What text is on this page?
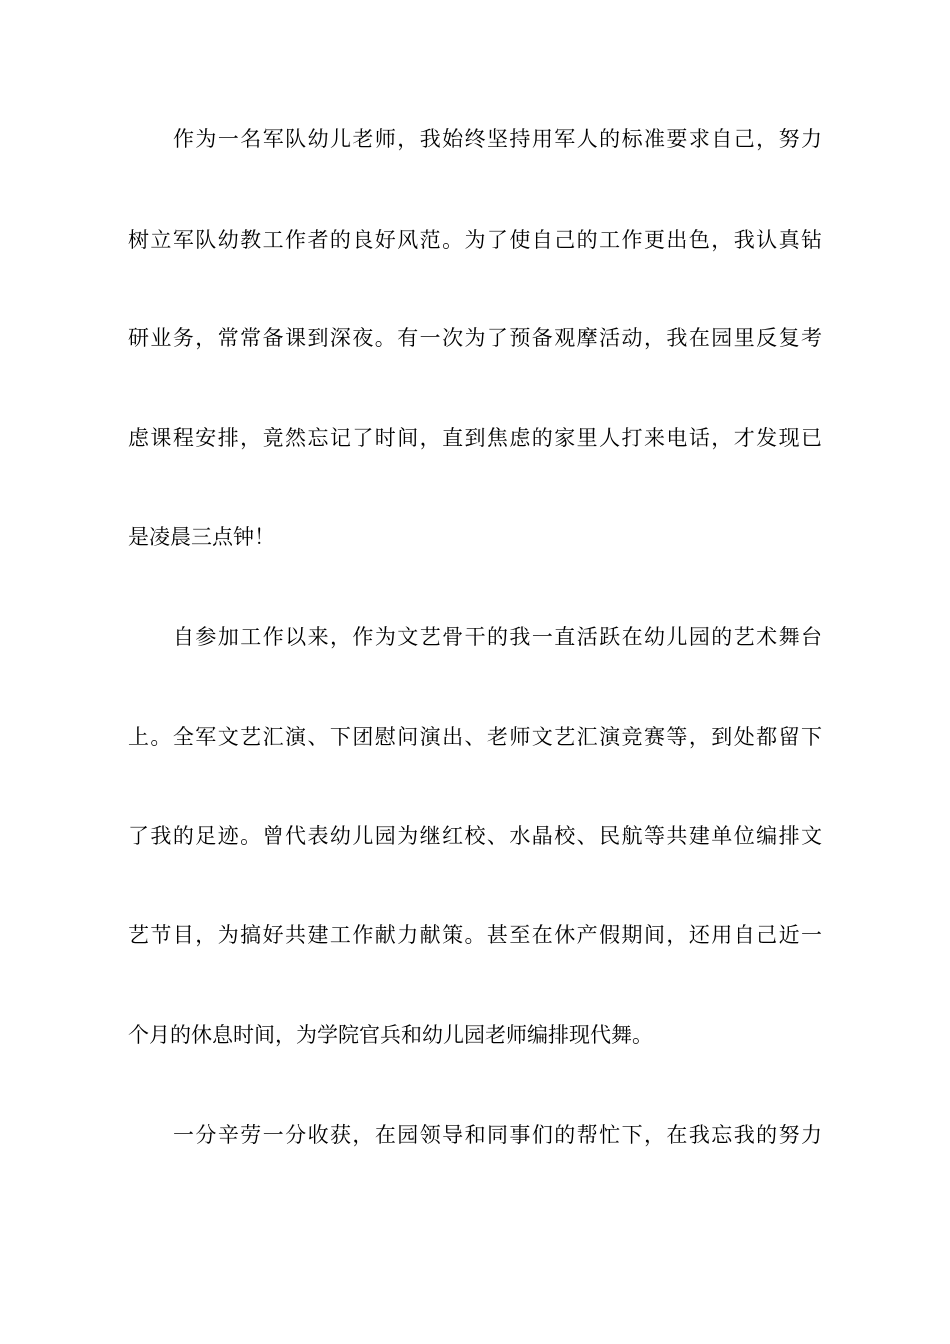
作为一名军队幼儿老师，我始终坚持用军人的标准要求自己，努力

树立军队幼教工作者的良好风范。为了使自己的工作更出色，我认真钻

研业务，常常备课到深夜。有一次为了预备观摩活动，我在园里反复考

虑课程安排，竟然忘记了时间，直到焦虑的家里人打来电话，才发现已

是凌晨三点钟！

自参加工作以来，作为文艺骨干的我一直活跃在幼儿园的艺术舞台

上。全军文艺汇演、下团慰问演出、老师文艺汇演竞赛等，到处都留下

了我的足迹。曾代表幼儿园为继红校、水晶校、民航等共建单位编排文

艺节目，为搞好共建工作献力献策。甚至在休产假期间，还用自己近一

个月的休息时间，为学院官兵和幼儿园老师编排现代舞。

一分辛劳一分收获，在园领导和同事们的帮忙下，在我忘我的努力
